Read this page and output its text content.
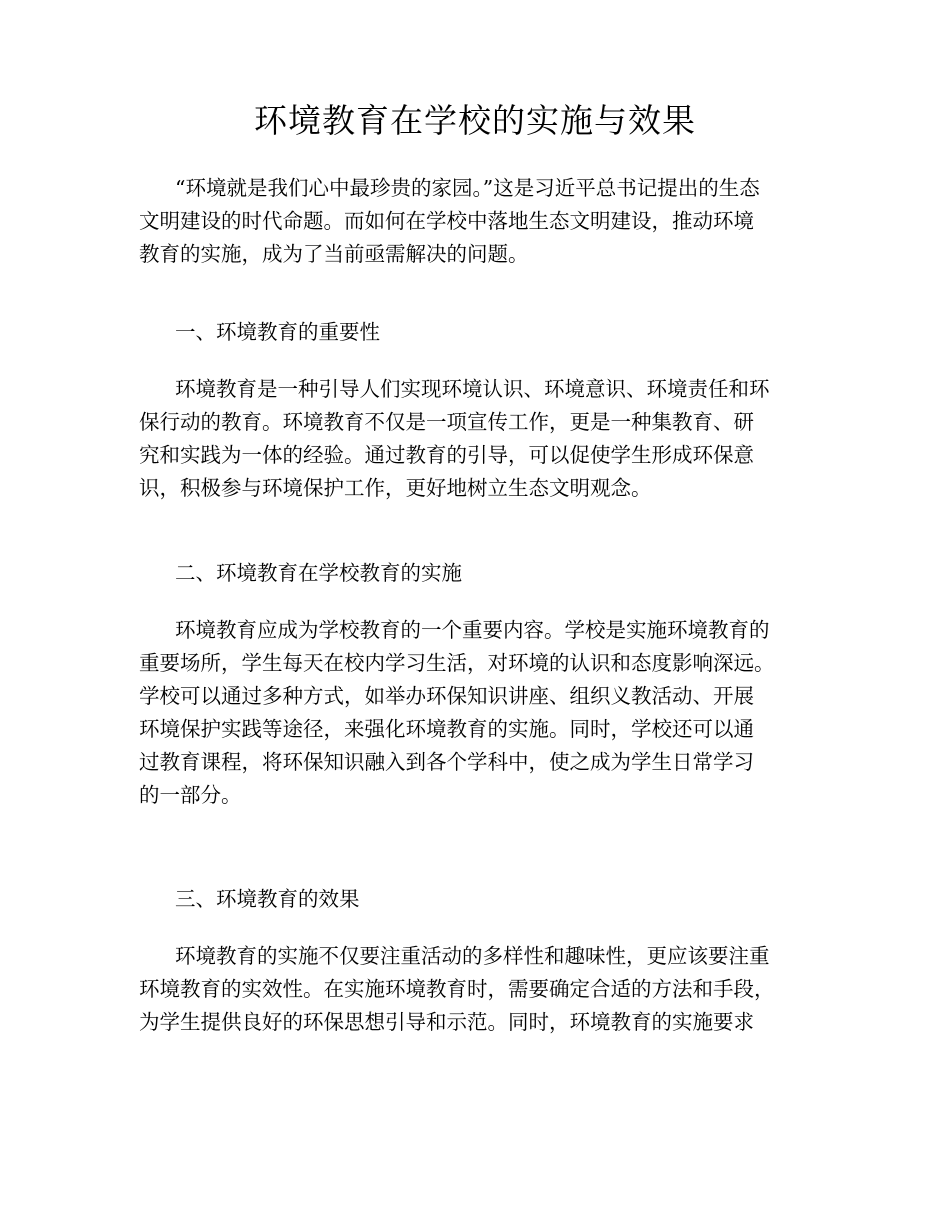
环境教育在学校的实施与效果
“环境就是我们心中最珍贵的家园。”这是习近平总书记提出的生态
文明建设的时代命题。而如何在学校中落地生态文明建设，推动环境
教育的实施，成为了当前亟需解决的问题。
一、环境教育的重要性
环境教育是一种引导人们实现环境认识、环境意识、环境责任和环
保行动的教育。环境教育不仅是一项宣传工作，更是一种集教育、研
究和实践为一体的经验。通过教育的引导，可以促使学生形成环保意
识，积极参与环境保护工作，更好地树立生态文明观念。
二、环境教育在学校教育的实施
环境教育应成为学校教育的一个重要内容。学校是实施环境教育的
重要场所，学生每天在校内学习生活，对环境的认识和态度影响深远。
学校可以通过多种方式，如举办环保知识讲座、组织义教活动、开展
环境保护实践等途径，来强化环境教育的实施。同时，学校还可以通
过教育课程，将环保知识融入到各个学科中，使之成为学生日常学习
的一部分。
三、环境教育的效果
环境教育的实施不仅要注重活动的多样性和趣味性，更应该要注重
环境教育的实效性。在实施环境教育时，需要确定合适的方法和手段，
为学生提供良好的环保思想引导和示范。同时，环境教育的实施要求
